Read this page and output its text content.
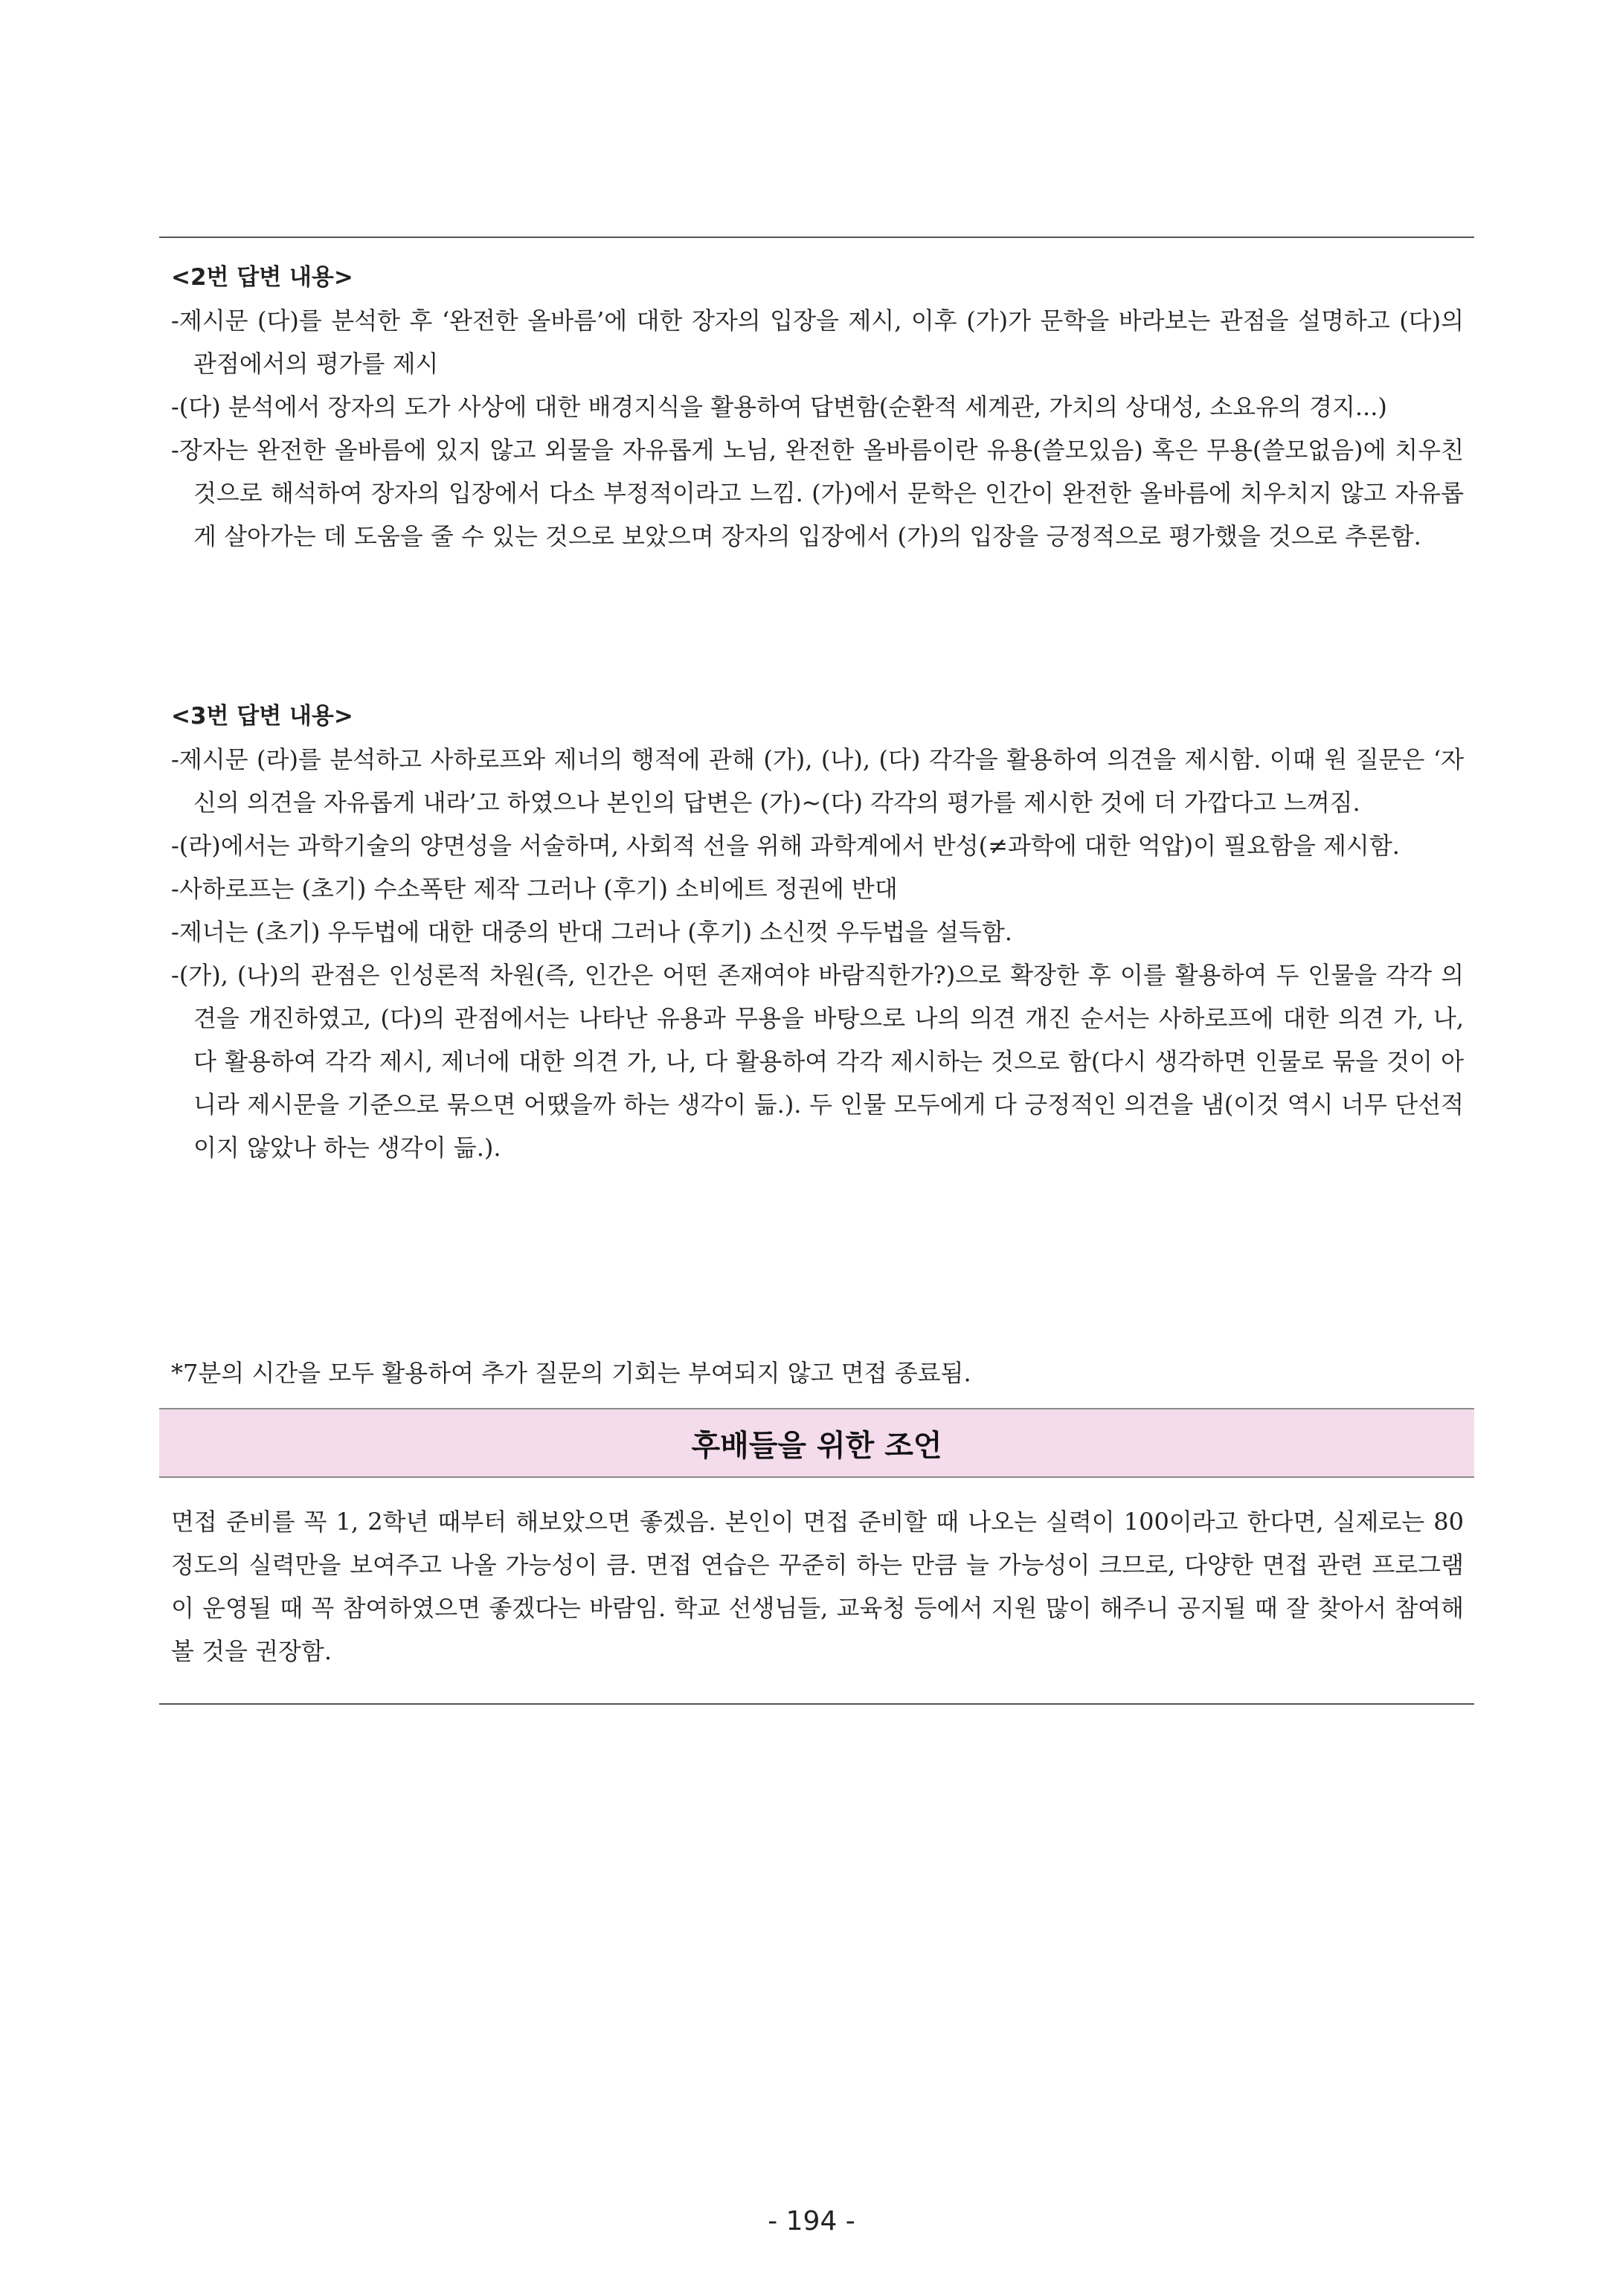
<2번 답변 내용>
-제시문 (다)를 분석한 후 ‘완전한 올바름’에 대한 장자의 입장을 제시, 이후 (가)가 문학을 바라보는 관점을 설명하고 (다)의 관점에서의 평가를 제시
-(다) 분석에서 장자의 도가 사상에 대한 배경지식을 활용하여 답변함(순환적 세계관, 가치의 상대성, 소요유의 경지...)
-장자는 완전한 올바름에 있지 않고 외물을 자유롭게 노님, 완전한 올바름이란 유용(쓸모있음) 혹은 무용(쓸모없음)에 치우친 것으로 해석하여 장자의 입장에서 다소 부정적이라고 느낌. (가)에서 문학은 인간이 완전한 올바름에 치우치지 않고 자유롭게 살아가는 데 도움을 줄 수 있는 것으로 보았으며 장자의 입장에서 (가)의 입장을 긍정적으로 평가했을 것으로 추론함.
<3번 답변 내용>
-제시문 (라)를 분석하고 사하로프와 제너의 행적에 관해 (가), (나), (다) 각각을 활용하여 의견을 제시함. 이때 원 질문은 ‘자신의 의견을 자유롭게 내라’고 하였으나 본인의 답변은 (가)~(다) 각각의 평가를 제시한 것에 더 가깝다고 느껴짐.
-(라)에서는 과학기술의 양면성을 서술하며, 사회적 선을 위해 과학계에서 반성(≠과학에 대한 억압)이 필요함을 제시함.
-사하로프는 (초기) 수소폭탄 제작 그러나 (후기) 소비에트 정권에 반대
-제너는 (초기) 우두법에 대한 대중의 반대 그러나 (후기) 소신껏 우두법을 설득함.
-(가), (나)의 관점은 인성론적 차원(즉, 인간은 어떤 존재여야 바람직한가?)으로 확장한 후 이를 활용하여 두 인물을 각각 의견을 개진하였고, (다)의 관점에서는 나타난 유용과 무용을 바탕으로 나의 의견 개진 순서는 사하로프에 대한 의견 가, 나, 다 활용하여 각각 제시, 제너에 대한 의견 가, 나, 다 활용하여 각각 제시하는 것으로 함(다시 생각하면 인물로 묶을 것이 아니라 제시문을 기준으로 묶으면 어땠을까 하는 생각이 듦.). 두 인물 모두에게 다 긍정적인 의견을 냄(이것 역시 너무 단선적이지 않았나 하는 생각이 듦.).
*7분의 시간을 모두 활용하여 추가 질문의 기회는 부여되지 않고 면접 종료됨.
후배들을 위한 조언
면접 준비를 꼭 1, 2학년 때부터 해보았으면 좋겠음. 본인이 면접 준비할 때 나오는 실력이 100이라고 한다면, 실제로는 80 정도의 실력만을 보여주고 나올 가능성이 큼. 면접 연습은 꾸준히 하는 만큼 늘 가능성이 크므로, 다양한 면접 관련 프로그램이 운영될 때 꼭 참여하였으면 좋겠다는 바람임. 학교 선생님들, 교육청 등에서 지원 많이 해주니 공지될 때 잘 찾아서 참여해볼 것을 권장함.
- 194 -
